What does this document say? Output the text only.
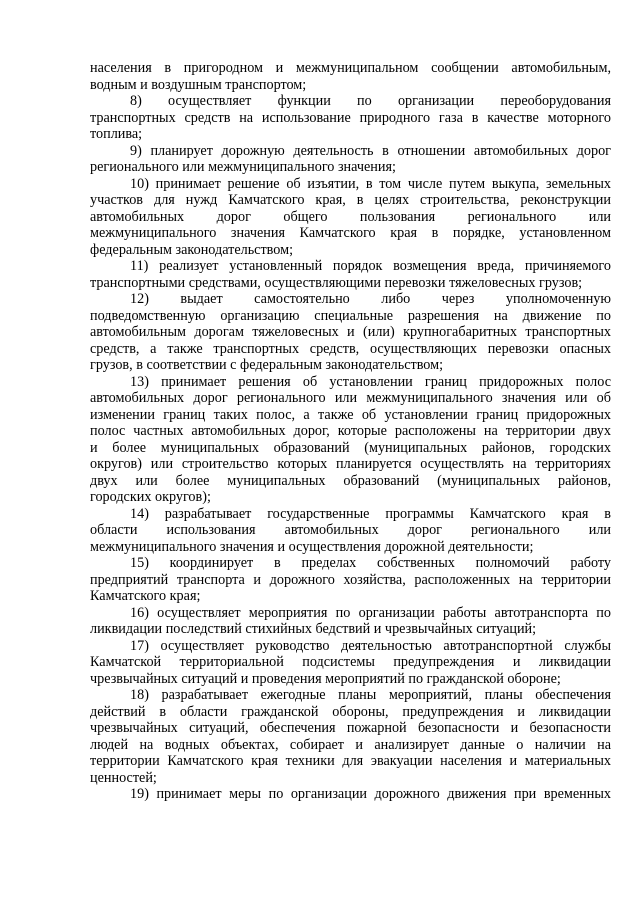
населения в пригородном и межмуниципальном сообщении автомобильным,
водным и воздушным транспортом;
8) осуществляет функции по организации переоборудования
транспортных средств на использование природного газа в качестве моторного
топлива;
9) планирует дорожную деятельность в отношении автомобильных дорог
регионального или межмуниципального значения;
10) принимает решение об изъятии, в том числе путем выкупа, земельных
участков для нужд Камчатского края, в целях строительства, реконструкции
автомобильных дорог общего пользования регионального или
межмуниципального значения Камчатского края в порядке, установленном
федеральным законодательством;
11) реализует установленный порядок возмещения вреда, причиняемого
транспортными средствами, осуществляющими перевозки тяжеловесных грузов;
12) выдает самостоятельно либо через уполномоченную
подведомственную организацию специальные разрешения на движение по
автомобильным дорогам тяжеловесных и (или) крупногабаритных транспортных
средств, а также транспортных средств, осуществляющих перевозки опасных
грузов, в соответствии с федеральным законодательством;
13) принимает решения об установлении границ придорожных полос
автомобильных дорог регионального или межмуниципального значения или об
изменении границ таких полос, а также об установлении границ придорожных
полос частных автомобильных дорог, которые расположены на территории двух
и более муниципальных образований (муниципальных районов, городских
округов) или строительство которых планируется осуществлять на территориях
двух или более муниципальных образований (муниципальных районов,
городских округов);
14) разрабатывает государственные программы Камчатского края в
области использования автомобильных дорог регионального или
межмуниципального значения и осуществления дорожной деятельности;
15) координирует в пределах собственных полномочий работу
предприятий транспорта и дорожного хозяйства, расположенных на территории
Камчатского края;
16) осуществляет мероприятия по организации работы автотранспорта по
ликвидации последствий стихийных бедствий и чрезвычайных ситуаций;
17) осуществляет руководство деятельностью автотранспортной службы
Камчатской территориальной подсистемы предупреждения и ликвидации
чрезвычайных ситуаций и проведения мероприятий по гражданской обороне;
18) разрабатывает ежегодные планы мероприятий, планы обеспечения
действий в области гражданской обороны, предупреждения и ликвидации
чрезвычайных ситуаций, обеспечения пожарной безопасности и безопасности
людей на водных объектах, собирает и анализирует данные о наличии на
территории Камчатского края техники для эвакуации населения и материальных
ценностей;
19) принимает меры по организации дорожного движения при временных
